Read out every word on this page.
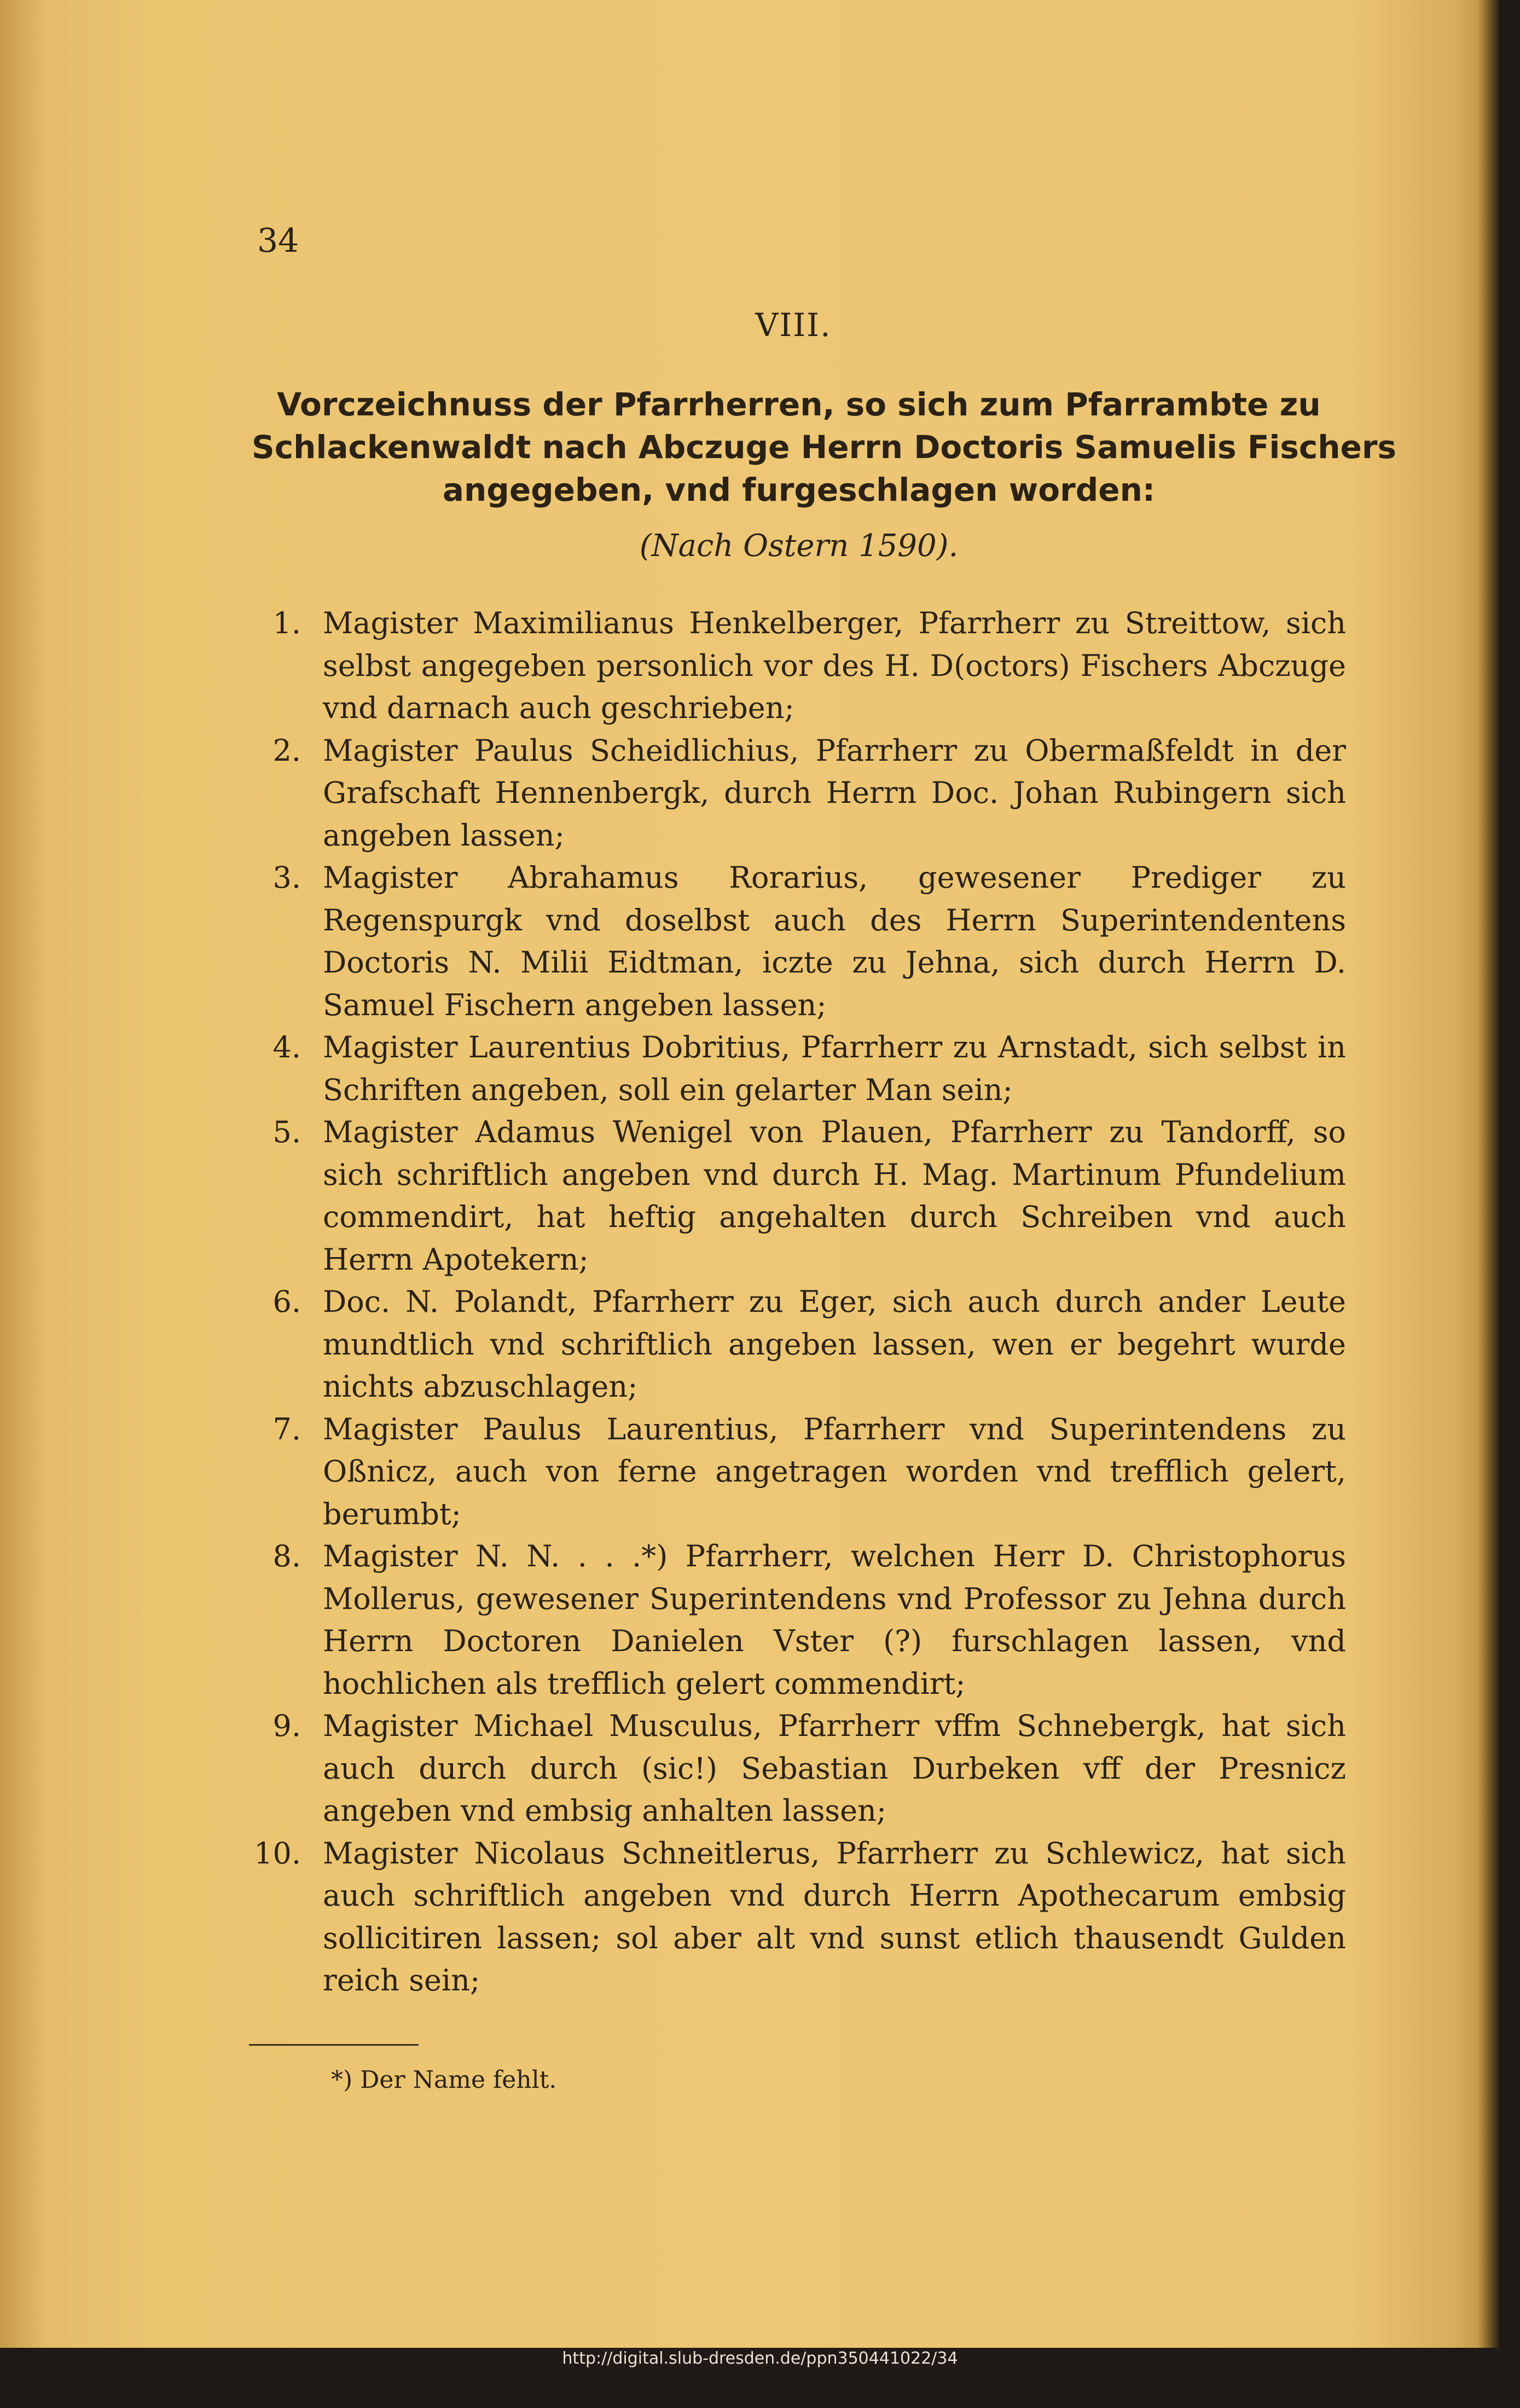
34
VIII.
Vorczeichnuss der Pfarrherren, so sich zum Pfarrambte zu
Schlackenwaldt nach Abczuge Herrn Doctoris Samuelis Fischers
angegeben, vnd furgeschlagen worden:
(Nach Ostern 1590).
1. Magister Maximilianus Henkelberger, Pfarrherr zu Streittow, sich selbst angegeben personlich vor des H. D(octors) Fischers Abczuge vnd darnach auch geschrieben;
2. Magister Paulus Scheidlichius, Pfarrherr zu Obermaßfeldt in der Grafschaft Hennenbergk, durch Herrn Doc. Johan Rubingern sich angeben lassen;
3. Magister Abrahamus Rorarius, gewesener Prediger zu Regenspurgk vnd doselbst auch des Herrn Superintendentens Doctoris N. Milii Eidtman, iczte zu Jehna, sich durch Herrn D. Samuel Fischern angeben lassen;
4. Magister Laurentius Dobritius, Pfarrherr zu Arnstadt, sich selbst in Schriften angeben, soll ein gelarter Man sein;
5. Magister Adamus Wenigel von Plauen, Pfarrherr zu Tandorff, so sich schriftlich angeben vnd durch H. Mag. Martinum Pfundelium commendirt, hat heftig angehalten durch Schreiben vnd auch Herrn Apotekern;
6. Doc. N. Polandt, Pfarrherr zu Eger, sich auch durch ander Leute mundtlich vnd schriftlich angeben lassen, wen er begehrt wurde nichts abzuschlagen;
7. Magister Paulus Laurentius, Pfarrherr vnd Superintendens zu Oßnicz, auch von ferne angetragen worden vnd trefflich gelert, berumbt;
8. Magister N. N. . . .*) Pfarrherr, welchen Herr D. Christophorus Mollerus, gewesener Superintendens vnd Professor zu Jehna durch Herrn Doctoren Danielen Vster (?) furschlagen lassen, vnd hochlichen als trefflich gelert commendirt;
9. Magister Michael Musculus, Pfarrherr vffm Schnebergk, hat sich auch durch durch (sic!) Sebastian Durbeken vff der Presnicz angeben vnd embsig anhalten lassen;
10. Magister Nicolaus Schneitlerus, Pfarrherr zu Schlewicz, hat sich auch schriftlich angeben vnd durch Herrn Apothecarum embsig sollicitiren lassen; sol aber alt vnd sunst etlich thausendt Gulden reich sein;
*) Der Name fehlt.
http://digital.slub-dresden.de/ppn350441022/34
